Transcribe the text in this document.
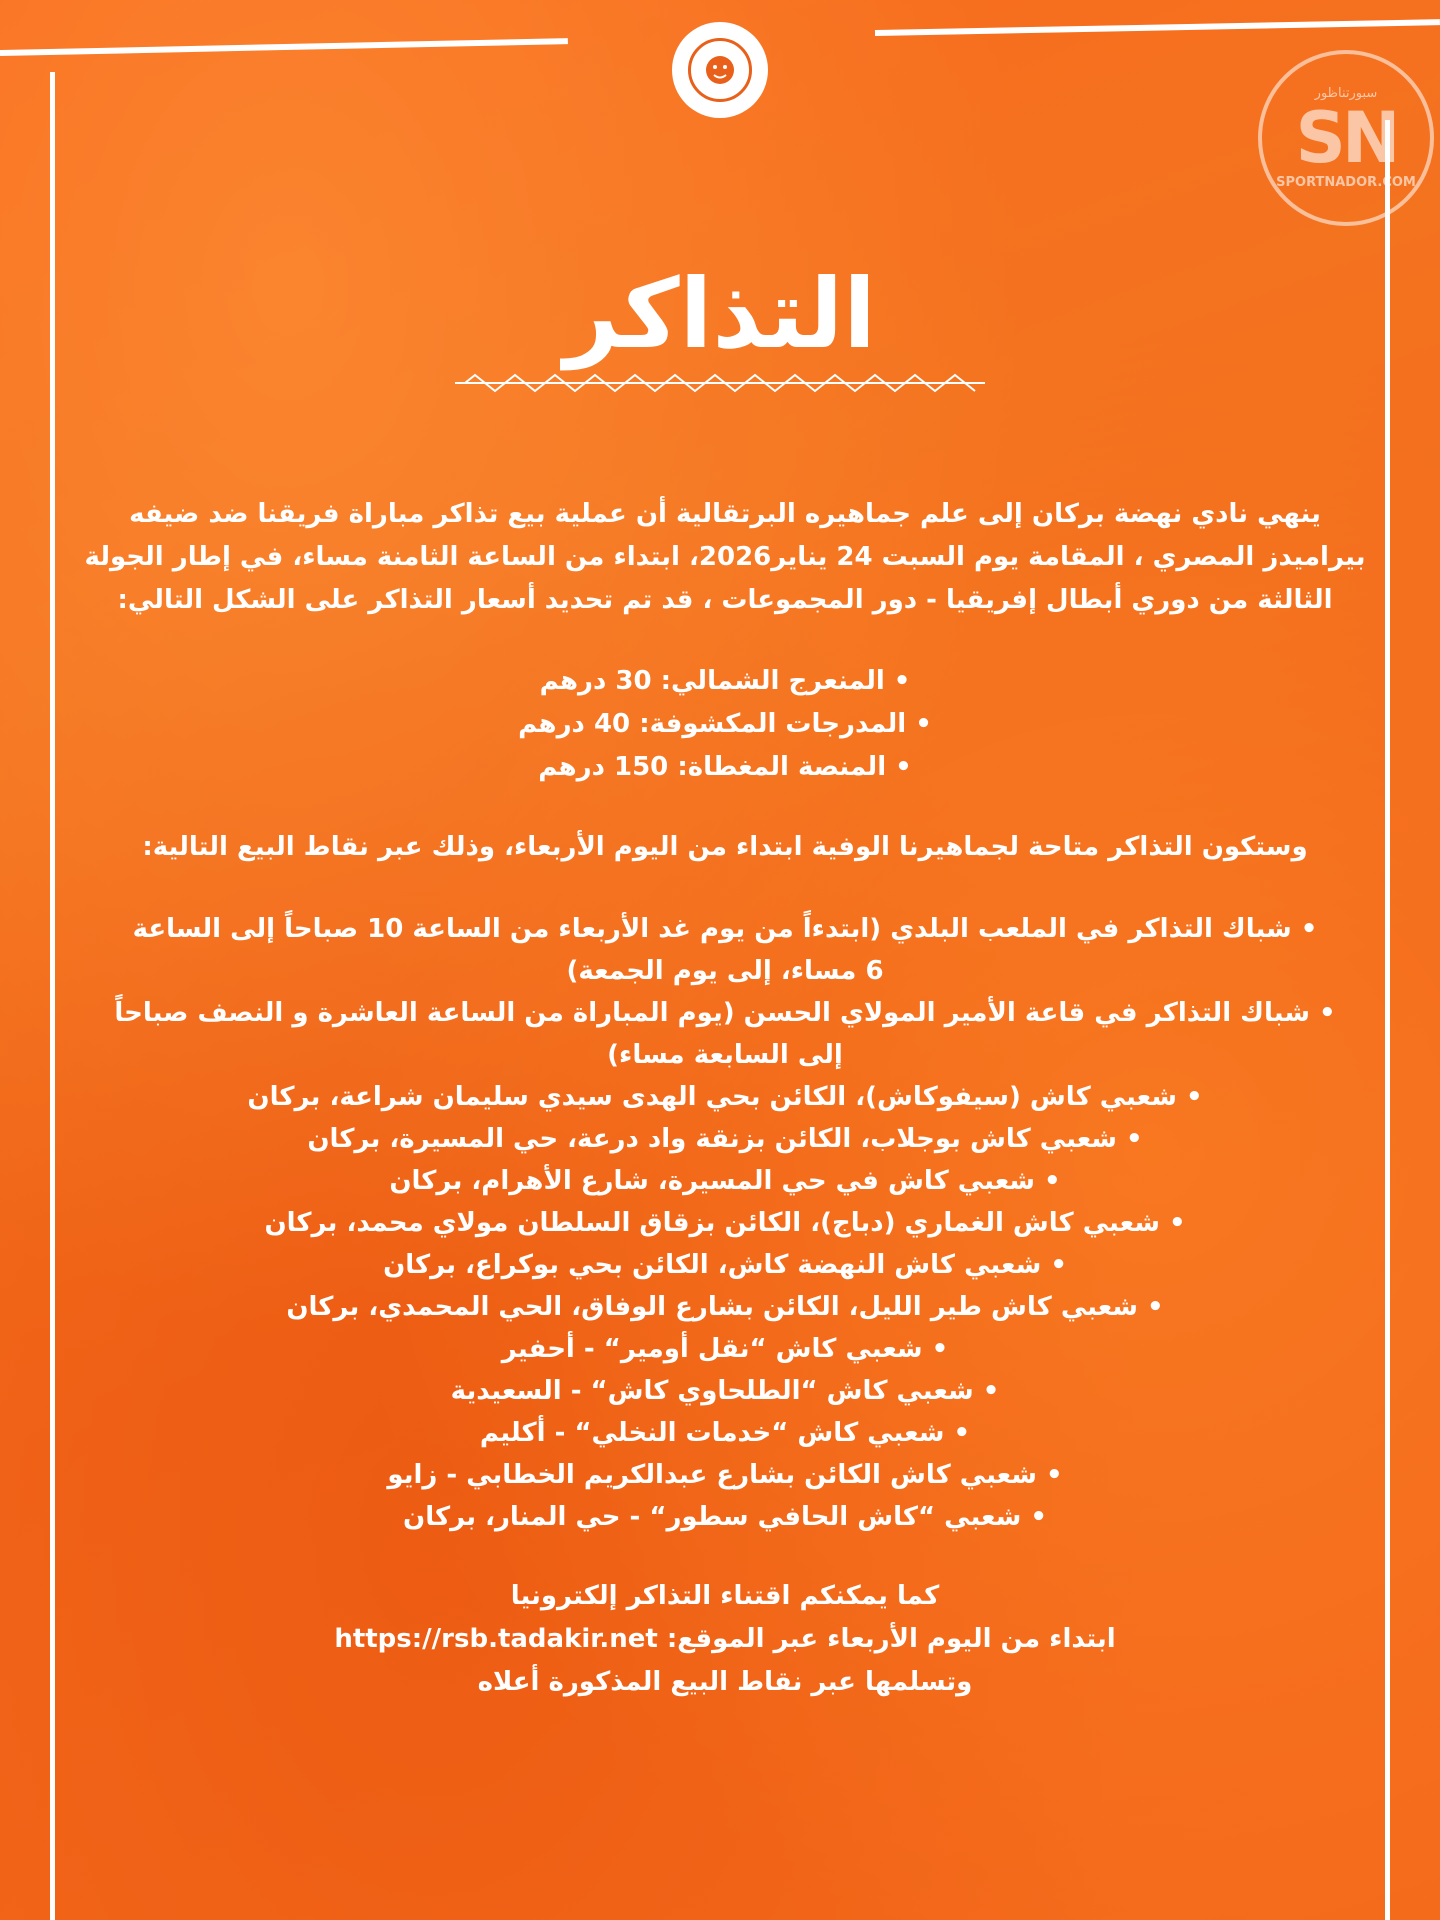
سبورتناظور
SN
SPORTNADOR.COM
التذاكر
ينهي نادي نهضة بركان إلى علم جماهيره البرتقالية أن عملية بيع تذاكر مباراة فريقنا ضد ضيفه
بيراميدز المصري ، المقامة يوم السبت 24 يناير2026، ابتداء من الساعة الثامنة مساء، في إطار الجولة
الثالثة من دوري أبطال إفريقيا - دور المجموعات ، قد تم تحديد أسعار التذاكر على الشكل التالي:
• المنعرج الشمالي: 30 درهم
• المدرجات المكشوفة: 40 درهم
• المنصة المغطاة: 150 درهم
وستكون التذاكر متاحة لجماهيرنا الوفية ابتداء من اليوم الأربعاء، وذلك عبر نقاط البيع التالية:
• شباك التذاكر في الملعب البلدي (ابتدءاً من يوم غد الأربعاء من الساعة 10 صباحاً إلى الساعة
6 مساء، إلى يوم الجمعة)
• شباك التذاكر في قاعة الأمير المولاي الحسن (يوم المباراة من الساعة العاشرة و النصف صباحاً
إلى السابعة مساء)
• شعبي كاش (سيفوكاش)، الكائن بحي الهدى سيدي سليمان شراعة، بركان
• شعبي كاش بوجلاب، الكائن بزنقة واد درعة، حي المسيرة، بركان
• شعبي كاش في حي المسيرة، شارع الأهرام، بركان
• شعبي كاش الغماري (دباج)، الكائن بزقاق السلطان مولاي محمد، بركان
• شعبي كاش النهضة كاش، الكائن بحي بوكراع، بركان
• شعبي كاش طير الليل، الكائن بشارع الوفاق، الحي المحمدي، بركان
• شعبي كاش “نقل أومير“ - أحفير
• شعبي كاش “الطلحاوي كاش“ - السعيدية
• شعبي كاش “خدمات النخلي“ - أكليم
• شعبي كاش الكائن بشارع عبدالكريم الخطابي - زايو
• شعبي “كاش الحافي سطور“ - حي المنار، بركان
كما يمكنكم اقتناء التذاكر إلكترونيا
ابتداء من اليوم الأربعاء عبر الموقع: https://rsb.tadakir.net
وتسلمها عبر نقاط البيع المذكورة أعلاه
